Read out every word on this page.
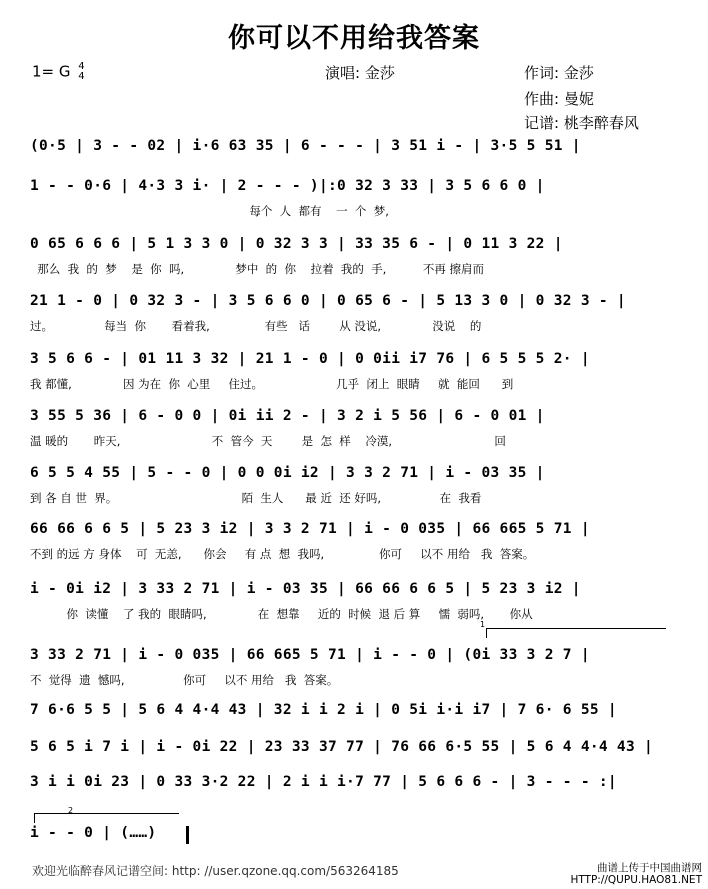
你可以不用给我答案
1= G 4
4	演唱: 金莎	作词: 金莎
作曲: 曼妮
记谱: 桃李醉春风
(0·5 | 3 - - 02 | i·6 63 35 | 6 - - - | 3 51 i - | 3·5 5 51 |
1 - - 0·6 | 4·3 3 i· | 2 - - - )|:0 32 3 33 | 3 5 6 6 0 |
每个  人  都有    一  个  梦,
0 65 6 6 6 | 5 1 3 3 0 | 0 32 3 3 | 33 35 6 - | 0 11 3 22 |
那么  我  的  梦    是  你  吗,              梦中  的  你    拉着  我的  手,          不再 擦肩而
21 1 - 0 | 0 32 3 - | 3 5 6 6 0 | 0 65 6 - | 5 13 3 0 | 0 32 3 - |
过。              每当  你       看着我,               有些   话        从 没说,              没说    的
3 5 6 6 - | 01 11 3 32 | 21 1 - 0 | 0 0ii i7 76 | 6 5 5 5 2· |
我 都懂,              因 为在  你  心里     住过。                    几乎  闭上  眼睛     就  能回      到
3 55 5 36 | 6 - 0 0 | 0i ii 2 - | 3 2 i 5 56 | 6 - 0 01 |
温 暖的       昨天,                         不  管今  天        是  怎  样    冷漠,                            回
6 5 5 4 55 | 5 - - 0 | 0 0 0i i2 | 3 3 2 71 | i - 03 35 |
到 各 自 世  界。                                  陌  生人      最 近  还 好吗,                在  我看
66 66 6 6 5 | 5 23 3 i2 | 3 3 2 71 | i - 0 035 | 66 665 5 71 |
不到 的远 方 身体    可  无恙,      你会     有 点  想  我吗,               你可     以不 用给   我  答案。
i - 0i i2 | 3 33 2 71 | i - 03 35 | 66 66 6 6 5 | 5 23 3 i2 |
你  读懂    了 我的  眼睛吗,              在  想靠     近的  时候  退 后 算     懦  弱吗,       你从
3 33 2 71 | i - 0 035 | 66 665 5 71 | i - - 0 | (0i 33 3 2 7 |
不  觉得  遗  憾吗,                你可     以不 用给   我  答案。
7 6·6 5 5 | 5 6 4 4·4 43 | 32 i i 2 i | 0 5i i·i i7 | 7 6· 6 55 |
5 6 5 i 7 i | i - 0i 22 | 23 33 37 77 | 76 66 6·5 55 | 5 6 4 4·4 43 |
3 i i 0i 23 | 0 33 3·2 22 | 2 i i i·7 77 | 5 6 6 6 - | 3 - - - :|
i - - 0 | (……)
1
2
欢迎光临醉春风记谱空间: http: //user.qzone.qq.com/563264185	曲谱上传于中国曲谱网
HTTP://QUPU.HAO81.NET
